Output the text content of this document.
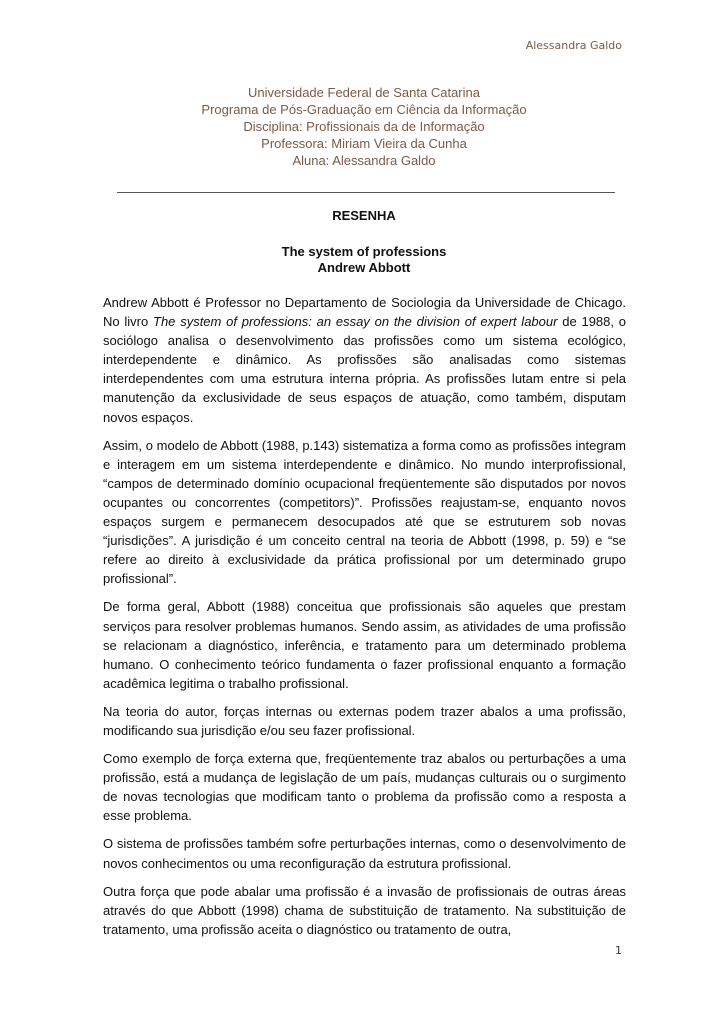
Alessandra Galdo
Universidade Federal de Santa Catarina
Programa de Pós-Graduação em Ciência da Informação
Disciplina: Profissionais da de Informação
Professora: Miriam Vieira da Cunha
Aluna: Alessandra Galdo
RESENHA
The system of professions
Andrew Abbott

Andrew Abbott é Professor no Departamento de Sociologia da Universidade de Chicago. No livro The system of professions: an essay on the division of expert labour de 1988, o sociólogo analisa o desenvolvimento das profissões como um sistema ecológico, interdependente e dinâmico. As profissões são analisadas como sistemas interdependentes com uma estrutura interna própria. As profissões lutam entre si pela manutenção da exclusividade de seus espaços de atuação, como também, disputam novos espaços.

Assim, o modelo de Abbott (1988, p.143) sistematiza a forma como as profissões integram e interagem em um sistema interdependente e dinâmico. No mundo interprofissional, “campos de determinado domínio ocupacional freqüentemente são disputados por novos ocupantes ou concorrentes (competitors)”. Profissões reajustam-se, enquanto novos espaços surgem e permanecem desocupados até que se estruturem sob novas “jurisdições”. A jurisdição é um conceito central na teoria de Abbott (1998, p. 59) e “se refere ao direito à exclusividade da prática profissional por um determinado grupo profissional”.

De forma geral, Abbott (1988) conceitua que profissionais são aqueles que prestam serviços para resolver problemas humanos. Sendo assim, as atividades de uma profissão se relacionam a diagnóstico, inferência, e tratamento para um determinado problema humano. O conhecimento teórico fundamenta o fazer profissional enquanto a formação acadêmica legitima o trabalho profissional.

Na teoria do autor, forças internas ou externas podem trazer abalos a uma profissão, modificando sua jurisdição e/ou seu fazer profissional.

Como exemplo de força externa que, freqüentemente traz abalos ou perturbações a uma profissão, está a mudança de legislação de um país, mudanças culturais ou o surgimento de novas tecnologias que modificam tanto o problema da profissão como a resposta a esse problema.

O sistema de profissões também sofre perturbações internas, como o desenvolvimento de novos conhecimentos ou uma reconfiguração da estrutura profissional.

Outra força que pode abalar uma profissão é a invasão de profissionais de outras áreas através do que Abbott (1998) chama de substituição de tratamento. Na substituição de tratamento, uma profissão aceita o diagnóstico ou tratamento de outra,

1
